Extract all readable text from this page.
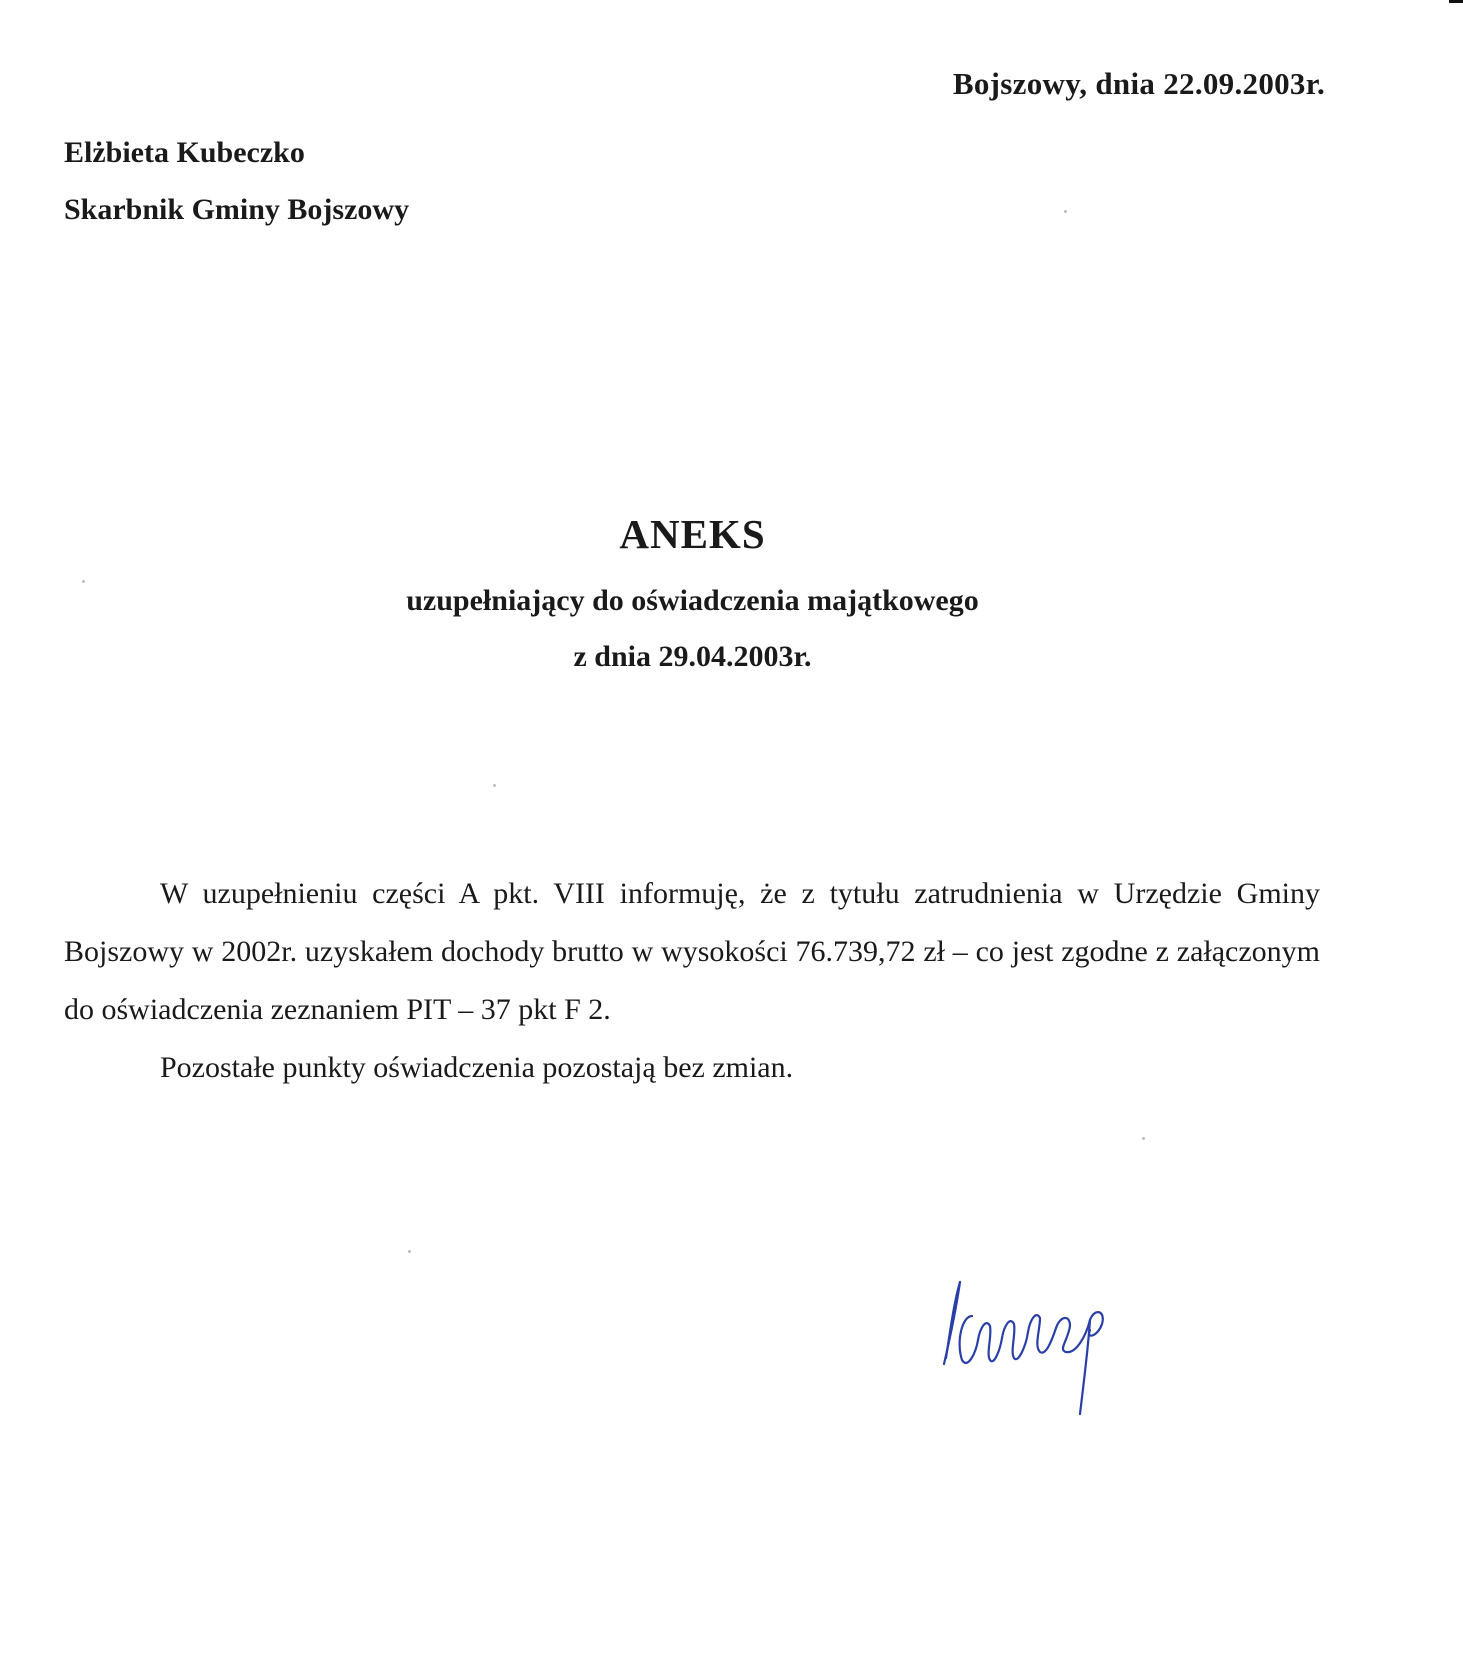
Bojszowy, dnia 22.09.2003r.
Elżbieta Kubeczko
Skarbnik Gminy Bojszowy
ANEKS
uzupełniający do oświadczenia majątkowego
z dnia 29.04.2003r.

W uzupełnieniu części A pkt. VIII informuję, że z tytułu zatrudnienia w Urzędzie Gminy Bojszowy w 2002r. uzyskałem dochody brutto w wysokości 76.739,72 zł – co jest zgodne z załączonym do oświadczenia zeznaniem PIT – 37 pkt F 2.

Pozostałe punkty oświadczenia pozostają bez zmian.
